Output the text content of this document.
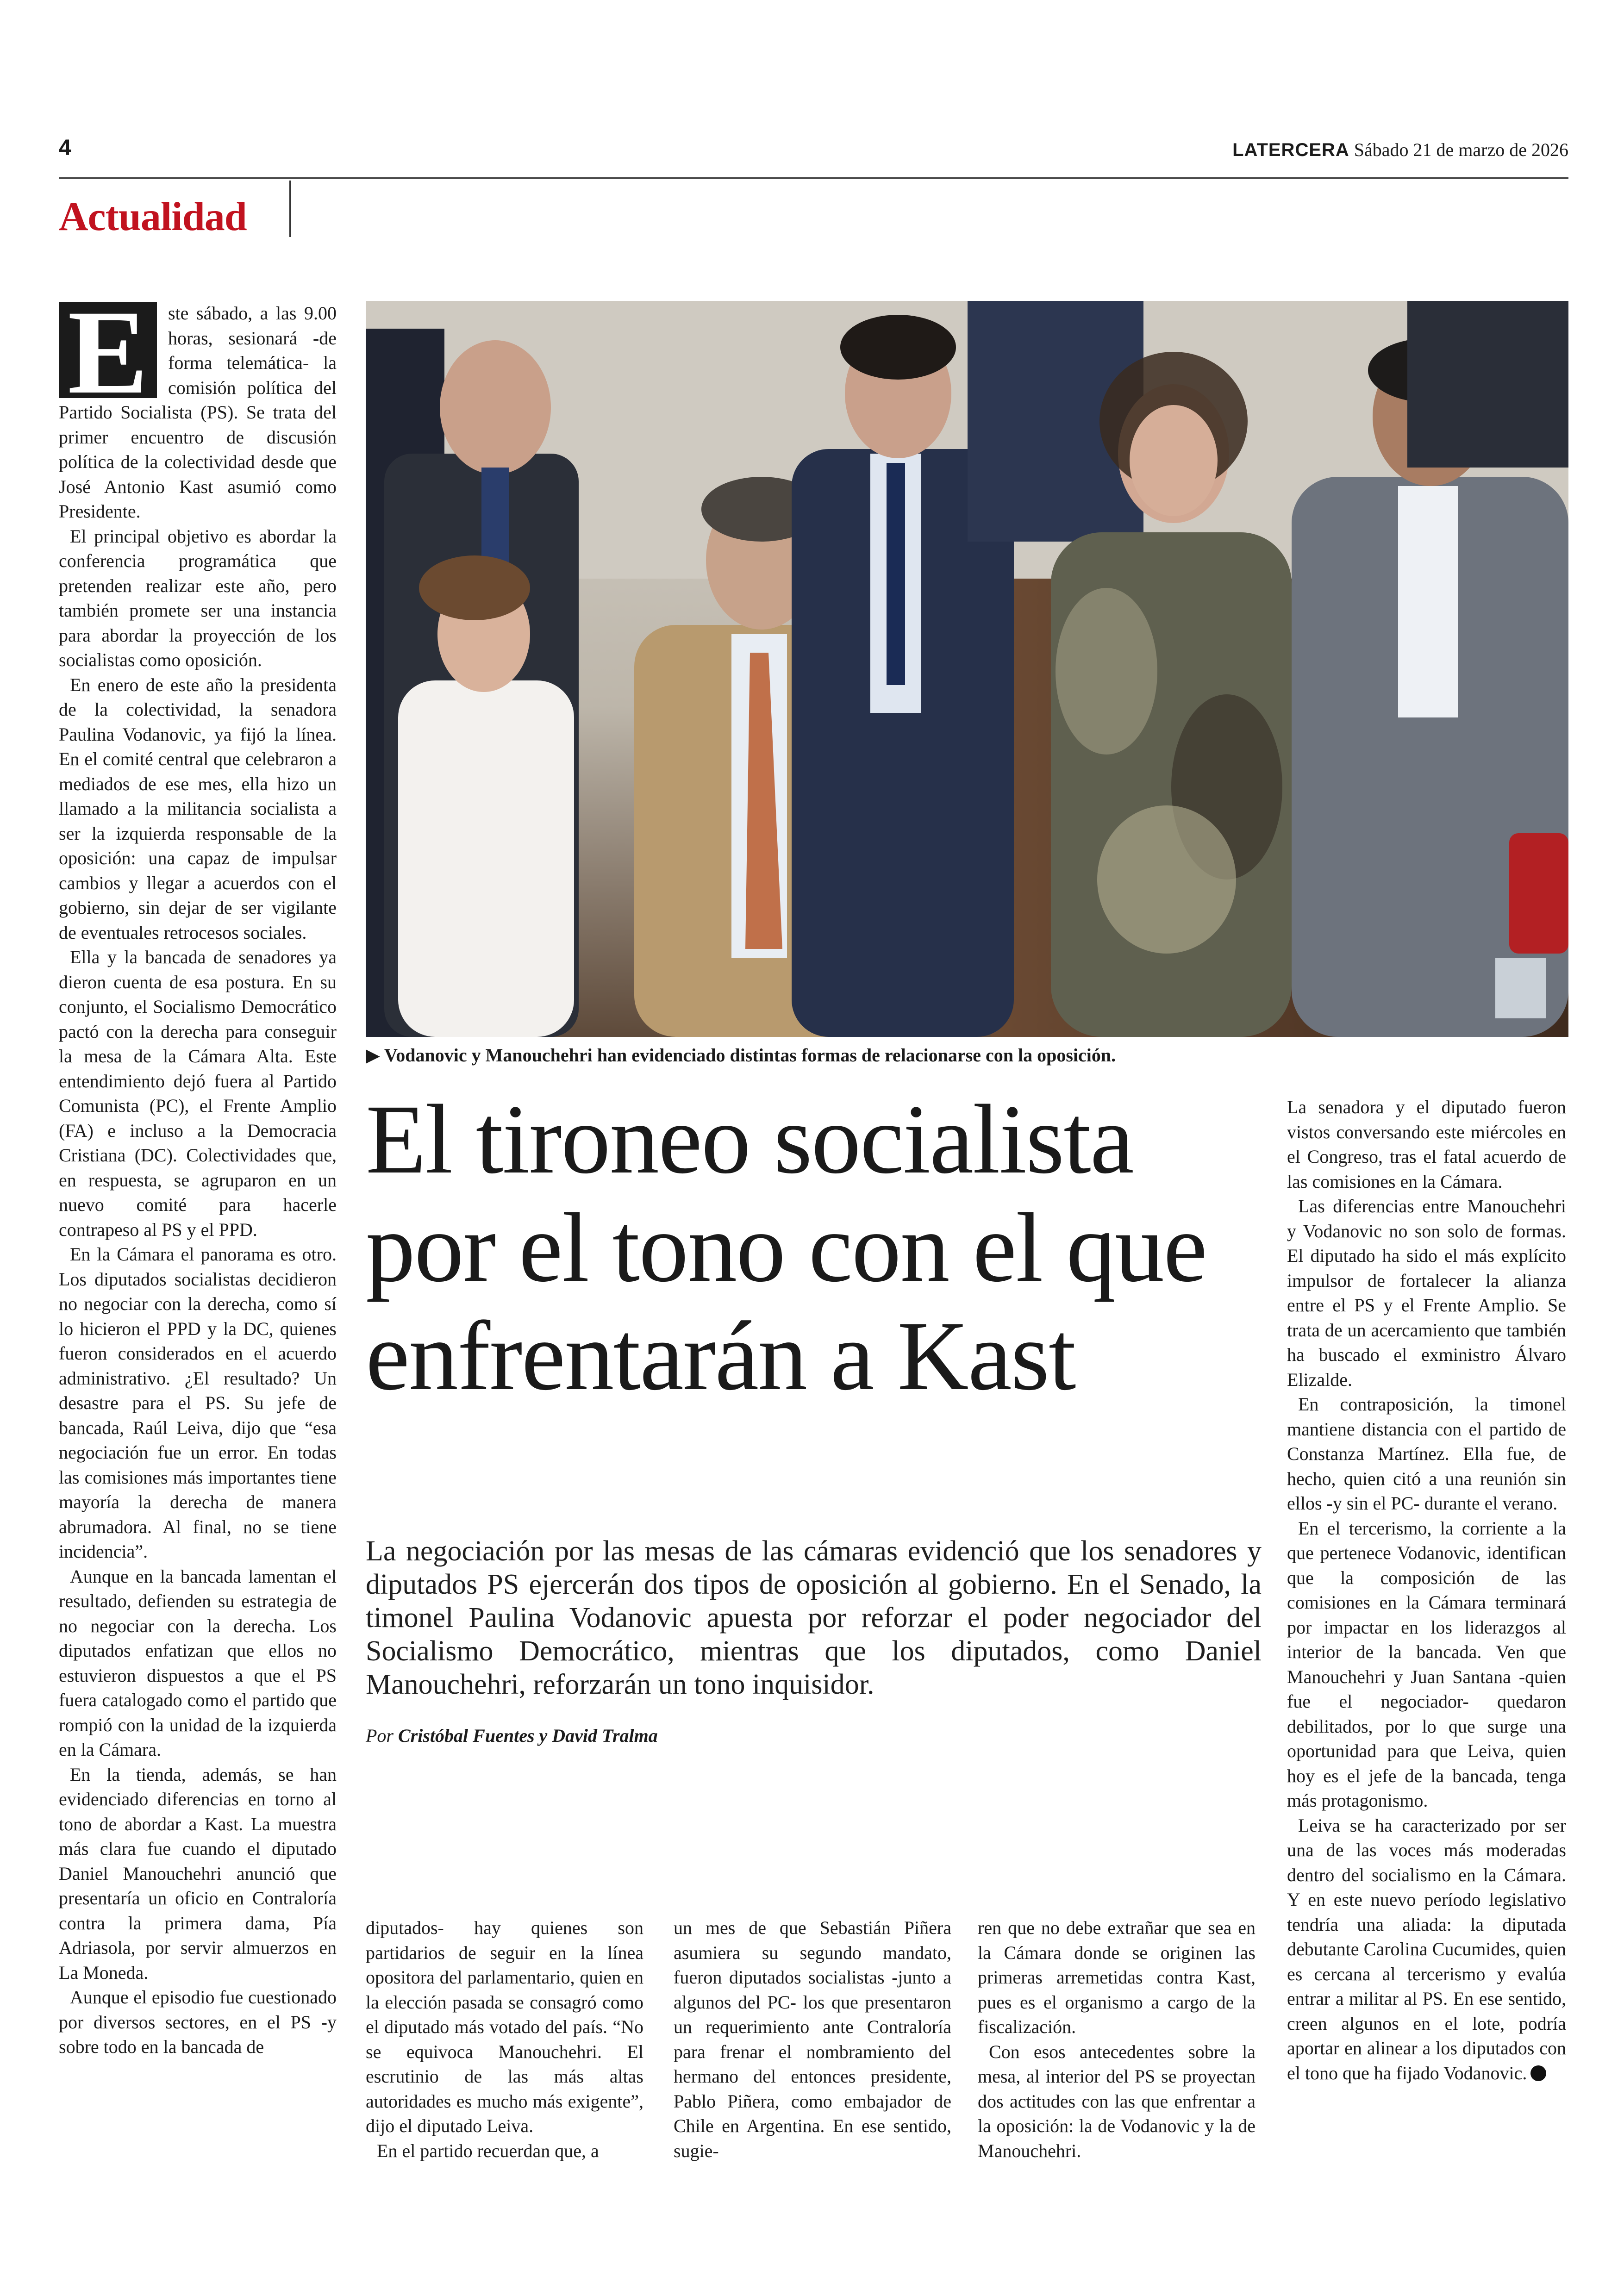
4	LATERCERA Sábado 21 de marzo de 2026
Actualidad
E	ste sábado, a las 9.00 horas, sesionará -de forma telemática- la comisión política del Partido Socialista (PS). Se trata del primer encuentro de discusión política de la colectividad desde que José Antonio Kast asumió como Presidente.

El principal objetivo es abordar la conferencia programática que pretenden realizar este año, pero también promete ser una instancia para abordar la proyección de los socialistas como oposición.

En enero de este año la presidenta de la colectividad, la senadora Paulina Vodanovic, ya fijó la línea. En el comité central que celebraron a mediados de ese mes, ella hizo un llamado a la militancia socialista a ser la izquierda responsable de la oposición: una capaz de impulsar cambios y llegar a acuerdos con el gobierno, sin dejar de ser vigilante de eventuales retrocesos sociales.

Ella y la bancada de senadores ya dieron cuenta de esa postura. En su conjunto, el Socialismo Democrático pactó con la derecha para conseguir la mesa de la Cámara Alta. Este entendimiento dejó fuera al Partido Comunista (PC), el Frente Amplio (FA) e incluso a la Democracia Cristiana (DC). Colectividades que, en respuesta, se agruparon en un nuevo comité para hacerle contrapeso al PS y el PPD.

En la Cámara el panorama es otro. Los diputados socialistas decidieron no negociar con la derecha, como sí lo hicieron el PPD y la DC, quienes fueron considerados en el acuerdo administrativo. ¿El resultado? Un desastre para el PS. Su jefe de bancada, Raúl Leiva, dijo que “esa negociación fue un error. En todas las comisiones más importantes tiene mayoría la derecha de manera abrumadora. Al final, no se tiene incidencia”.

Aunque en la bancada lamentan el resultado, defienden su estrategia de no negociar con la derecha. Los diputados enfatizan que ellos no estuvieron dispuestos a que el PS fuera catalogado como el partido que rompió con la unidad de la izquierda en la Cámara.

En la tienda, además, se han evidenciado diferencias en torno al tono de abordar a Kast. La muestra más clara fue cuando el diputado Daniel Manouchehri anunció que presentaría un oficio en Contraloría contra la primera dama, Pía Adriasola, por servir almuerzos en La Moneda.

Aunque el episodio fue cuestionado por diversos sectores, en el PS -y sobre todo en la bancada de

▶ Vodanovic y Manouchehri han evidenciado distintas formas de relacionarse con la oposición.
El tironeo socialista por el tono con el que enfrentarán a Kast
La negociación por las mesas de las cámaras evidenció que los senadores y diputados PS ejercerán dos tipos de oposición al gobierno. En el Senado, la timonel Paulina Vodanovic apuesta por reforzar el poder negociador del Socialismo Democrático, mientras que los diputados, como Daniel Manouchehri, reforzarán un tono inquisidor.
Por Cristóbal Fuentes y David Tralma

diputados- hay quienes son partidarios de seguir en la línea opositora del parlamentario, quien en la elección pasada se consagró como el diputado más votado del país. “No se equivoca Manouchehri. El escrutinio de las más altas autoridades es mucho más exigente”, dijo el diputado Leiva.

En el partido recuerdan que, a

un mes de que Sebastián Piñera asumiera su segundo mandato, fueron diputados socialistas -junto a algunos del PC- los que presentaron un requerimiento ante Contraloría para frenar el nombramiento del hermano del entonces presidente, Pablo Piñera, como embajador de Chile en Argentina. En ese sentido, sugie-

ren que no debe extrañar que sea en la Cámara donde se originen las primeras arremetidas contra Kast, pues es el organismo a cargo de la fiscalización.

Con esos antecedentes sobre la mesa, al interior del PS se proyectan dos actitudes con las que enfrentar a la oposición: la de Vodanovic y la de Manouchehri.

La senadora y el diputado fueron vistos conversando este miércoles en el Congreso, tras el fatal acuerdo de las comisiones en la Cámara.

Las diferencias entre Manouchehri y Vodanovic no son solo de formas. El diputado ha sido el más explícito impulsor de fortalecer la alianza entre el PS y el Frente Amplio. Se trata de un acercamiento que también ha buscado el exministro Álvaro Elizalde.

En contraposición, la timonel mantiene distancia con el partido de Constanza Martínez. Ella fue, de hecho, quien citó a una reunión sin ellos -y sin el PC- durante el verano.

En el tercerismo, la corriente a la que pertenece Vodanovic, identifican que la composición de las comisiones en la Cámara terminará por impactar en los liderazgos al interior de la bancada. Ven que Manouchehri y Juan Santana -quien fue el negociador- quedaron debilitados, por lo que surge una oportunidad para que Leiva, quien hoy es el jefe de la bancada, tenga más protagonismo.

Leiva se ha caracterizado por ser una de las voces más moderadas dentro del socialismo en la Cámara. Y en este nuevo período legislativo tendría una aliada: la diputada debutante Carolina Cucumides, quien es cercana al tercerismo y evalúa entrar a militar al PS. En ese sentido, creen algunos en el lote, podría aportar en alinear a los diputados con el tono que ha fijado Vodanovic.
